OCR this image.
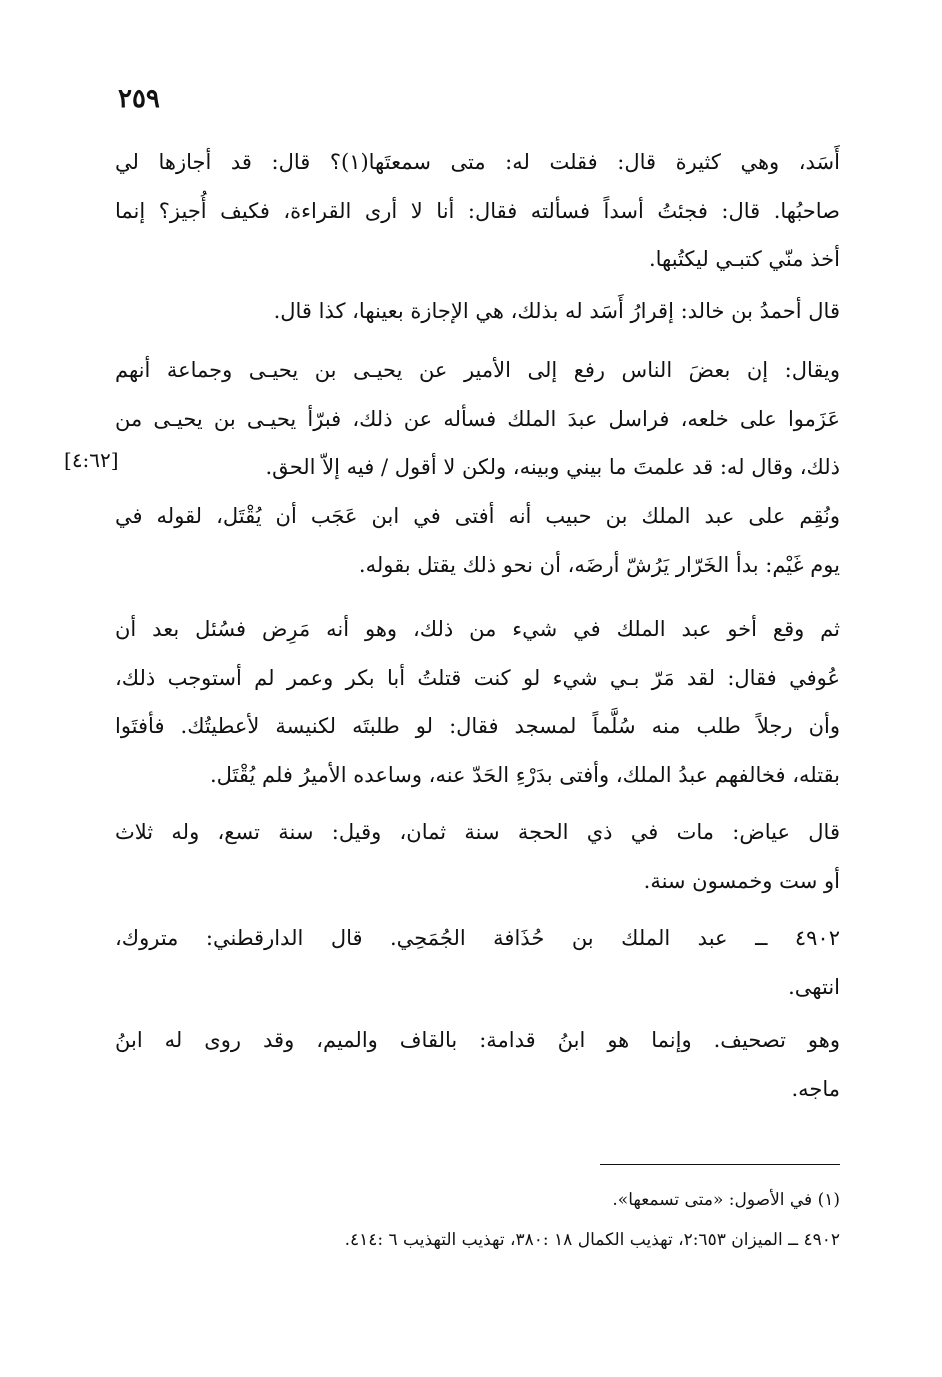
٢٥٩
أَسَد، وهي كثيرة قال: فقلت له: متى سمعتَها(١)؟ قال: قد أجازها لي
صاحبُها. قال: فجئتُ أسداً فسألته فقال: أنا لا أرى القراءة، فكيف أُجيز؟ إنما
أخذ منّي كتبـي ليكتُبها.
قال أحمدُ بن خالد: إقرارُ أَسَد له بذلك، هي الإجازة بعينها، كذا قال.
ويقال: إن بعضَ الناس رفع إلى الأمير عن يحيـى بن يحيـى وجماعة أنهم
عَزَموا على خلعه، فراسل عبدَ الملك فسأله عن ذلك، فبرّأ يحيـى بن يحيـى من
ذلك، وقال له: قد علمتَ ما بيني وبينه، ولكن لا أقول / فيه إلاّ الحق.
[٤:٦٢]
ونُقِم على عبد الملك بن حبيب أنه أفتى في ابن عَجَب أن يُقْتَل، لقوله في
يوم غَيْم: بدأ الخَرّار يَرُشّ أرضَه، أن نحو ذلك يقتل بقوله.
ثم وقع أخو عبد الملك في شيء من ذلك، وهو أنه مَرِض فسُئل بعد أن
عُوفي فقال: لقد مَرّ بـي شيء لو كنت قتلتُ أبا بكر وعمر لم أستوجب ذلك،
وأن رجلاً طلب منه سُلَّماً لمسجد فقال: لو طلبتَه لكنيسة لأعطيتُك. فأفتَوا
بقتله، فخالفهم عبدُ الملك، وأفتى بدَرْءِ الحَدّ عنه، وساعده الأميرُ فلم يُقْتَل.
قال عياض: مات في ذي الحجة سنة ثمان، وقيل: سنة تسع، وله ثلاث
أو ست وخمسون سنة.
٤٩٠٢ ــ عبد الملك بن حُذَافة الجُمَحِي. قال الدارقطني: متروك،
انتهى.
وهو تصحيف. وإنما هو ابنُ قدامة: بالقاف والميم، وقد روى له ابنُ
ماجه.
(١) في الأصول: «متى تسمعها».
٤٩٠٢ ــ الميزان ٢:٦٥٣، تهذيب الكمال ١٨ :٣٨٠، تهذيب التهذيب ٦ :٤١٤.
